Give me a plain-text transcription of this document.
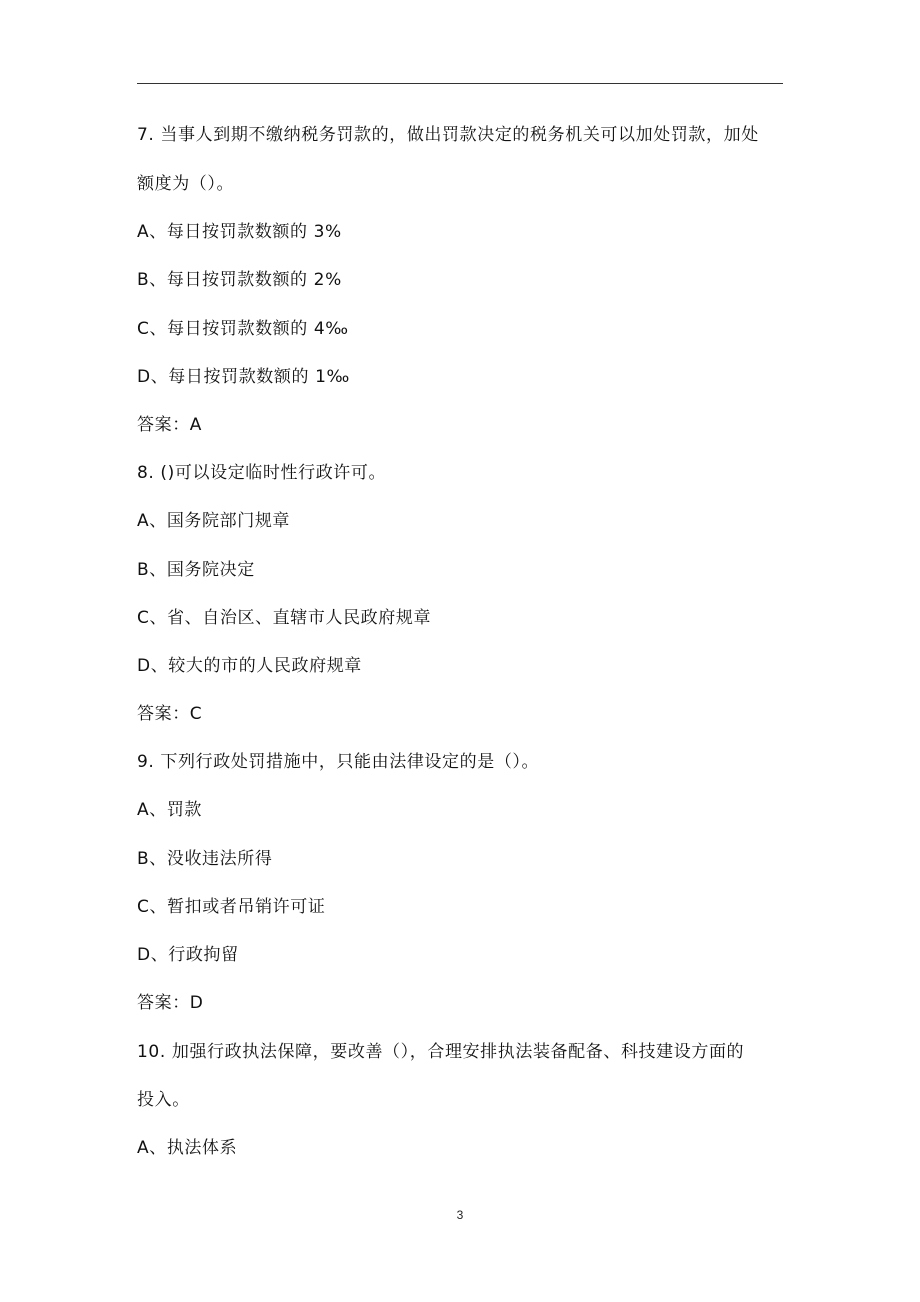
7. 当事人到期不缴纳税务罚款的，做出罚款决定的税务机关可以加处罚款，加处
额度为（）。
A、每日按罚款数额的 3%
B、每日按罚款数额的 2%
C、每日按罚款数额的 4‰
D、每日按罚款数额的 1‰
答案：A
8. ()可以设定临时性行政许可。
A、国务院部门规章
B、国务院决定
C、省、自治区、直辖市人民政府规章
D、较大的市的人民政府规章
答案：C
9. 下列行政处罚措施中，只能由法律设定的是（）。
A、罚款
B、没收违法所得
C、暂扣或者吊销许可证
D、行政拘留
答案：D
10. 加强行政执法保障，要改善（），合理安排执法装备配备、科技建设方面的
投入。
A、执法体系
3
